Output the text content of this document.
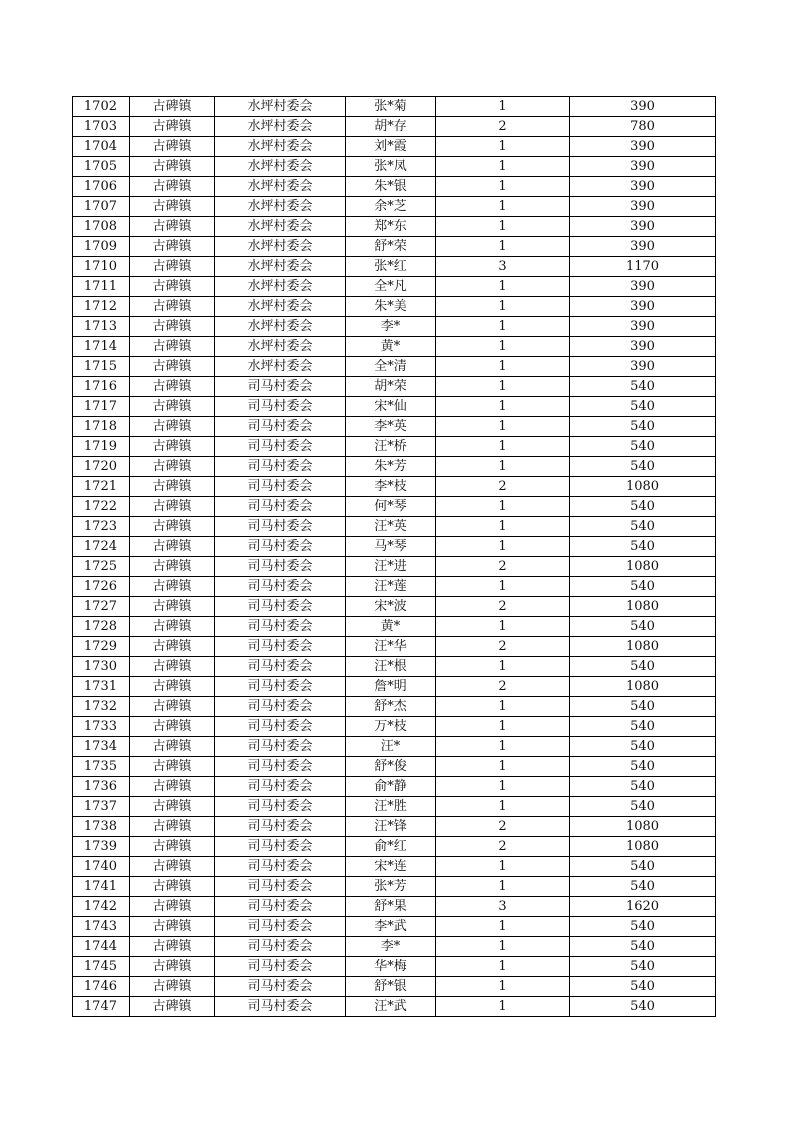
1702	古碑镇	水坪村委会	张*菊	1	390
1703	古碑镇	水坪村委会	胡*存	2	780
1704	古碑镇	水坪村委会	刘*霞	1	390
1705	古碑镇	水坪村委会	张*凤	1	390
1706	古碑镇	水坪村委会	朱*银	1	390
1707	古碑镇	水坪村委会	余*芝	1	390
1708	古碑镇	水坪村委会	郑*东	1	390
1709	古碑镇	水坪村委会	舒*荣	1	390
1710	古碑镇	水坪村委会	张*红	3	1170
1711	古碑镇	水坪村委会	全*凡	1	390
1712	古碑镇	水坪村委会	朱*美	1	390
1713	古碑镇	水坪村委会	李*	1	390
1714	古碑镇	水坪村委会	黄*	1	390
1715	古碑镇	水坪村委会	全*清	1	390
1716	古碑镇	司马村委会	胡*荣	1	540
1717	古碑镇	司马村委会	宋*仙	1	540
1718	古碑镇	司马村委会	李*英	1	540
1719	古碑镇	司马村委会	汪*桥	1	540
1720	古碑镇	司马村委会	朱*芳	1	540
1721	古碑镇	司马村委会	李*枝	2	1080
1722	古碑镇	司马村委会	何*琴	1	540
1723	古碑镇	司马村委会	汪*英	1	540
1724	古碑镇	司马村委会	马*琴	1	540
1725	古碑镇	司马村委会	汪*进	2	1080
1726	古碑镇	司马村委会	汪*莲	1	540
1727	古碑镇	司马村委会	宋*波	2	1080
1728	古碑镇	司马村委会	黄*	1	540
1729	古碑镇	司马村委会	汪*华	2	1080
1730	古碑镇	司马村委会	汪*根	1	540
1731	古碑镇	司马村委会	詹*明	2	1080
1732	古碑镇	司马村委会	舒*杰	1	540
1733	古碑镇	司马村委会	万*枝	1	540
1734	古碑镇	司马村委会	汪*	1	540
1735	古碑镇	司马村委会	舒*俊	1	540
1736	古碑镇	司马村委会	俞*静	1	540
1737	古碑镇	司马村委会	汪*胜	1	540
1738	古碑镇	司马村委会	汪*锋	2	1080
1739	古碑镇	司马村委会	俞*红	2	1080
1740	古碑镇	司马村委会	宋*连	1	540
1741	古碑镇	司马村委会	张*芳	1	540
1742	古碑镇	司马村委会	舒*果	3	1620
1743	古碑镇	司马村委会	李*武	1	540
1744	古碑镇	司马村委会	李*	1	540
1745	古碑镇	司马村委会	华*梅	1	540
1746	古碑镇	司马村委会	舒*银	1	540
1747	古碑镇	司马村委会	汪*武	1	540
